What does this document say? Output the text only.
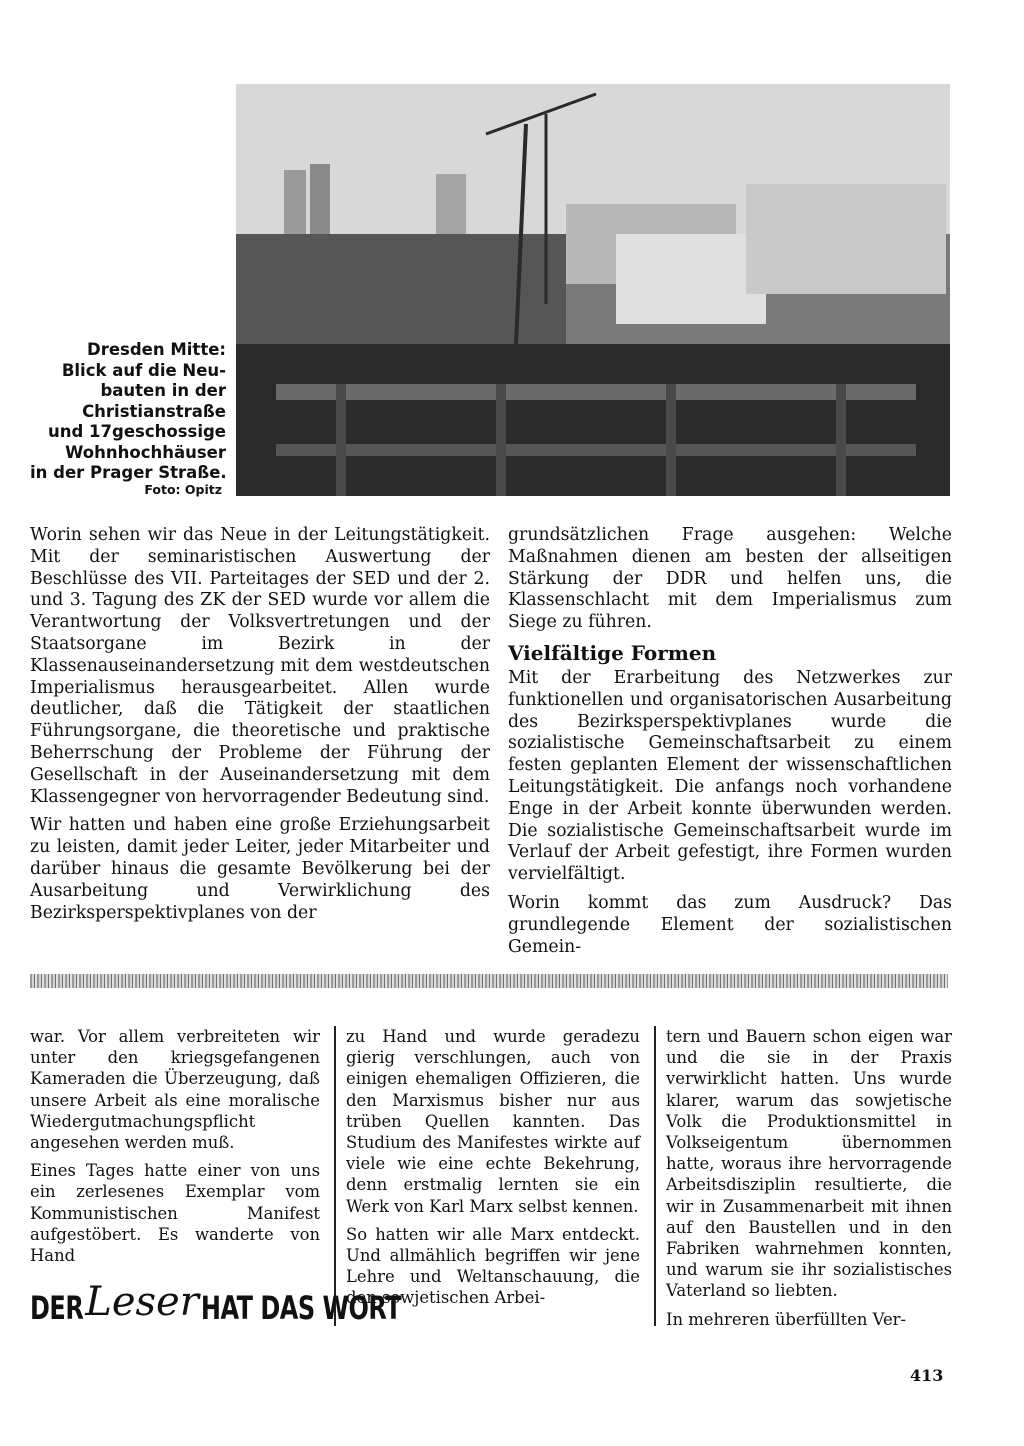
Dresden Mitte:
Blick auf die Neu-
bauten in der
Christianstraße
und 17geschossige
Wohnhochhäuser
in der Prager Straße.
Foto: Opitz

Worin sehen wir das Neue in der Leitungstätigkeit. Mit der seminaristischen Auswertung der Beschlüsse des VII. Parteitages der SED und der 2. und 3. Tagung des ZK der SED wurde vor allem die Verantwortung der Volksvertretungen und der Staatsorgane im Bezirk in der Klassenauseinandersetzung mit dem westdeutschen Imperialismus herausgearbeitet. Allen wurde deutlicher, daß die Tätigkeit der staatlichen Führungsorgane, die theoretische und praktische Beherrschung der Probleme der Führung der Gesellschaft in der Auseinandersetzung mit dem Klassengegner von hervorragender Bedeutung sind.

Wir hatten und haben eine große Erziehungsarbeit zu leisten, damit jeder Leiter, jeder Mitarbeiter und darüber hinaus die gesamte Bevölkerung bei der Ausarbeitung und Verwirklichung des Bezirksperspektivplanes von der

grundsätzlichen Frage ausgehen: Welche Maßnahmen dienen am besten der allseitigen Stärkung der DDR und helfen uns, die Klassenschlacht mit dem Imperialismus zum Siege zu führen.

Vielfältige Formen

Mit der Erarbeitung des Netzwerkes zur funktionellen und organisatorischen Ausarbeitung des Bezirksperspektivplanes wurde die sozialistische Gemeinschaftsarbeit zu einem festen geplanten Element der wissenschaftlichen Leitungstätigkeit. Die anfangs noch vorhandene Enge in der Arbeit konnte überwunden werden. Die sozialistische Gemeinschaftsarbeit wurde im Verlauf der Arbeit gefestigt, ihre Formen wurden vervielfältigt.

Worin kommt das zum Ausdruck? Das grundlegende Element der sozialistischen Gemein-

war. Vor allem verbreiteten wir unter den kriegsgefangenen Kameraden die Überzeugung, daß unsere Arbeit als eine moralische Wiedergutmachungspflicht angesehen werden muß.

Eines Tages hatte einer von uns ein zerlesenes Exemplar vom Kommunistischen Manifest aufgestöbert. Es wanderte von Hand

zu Hand und wurde geradezu gierig verschlungen, auch von einigen ehemaligen Offizieren, die den Marxismus bisher nur aus trüben Quellen kannten. Das Studium des Manifestes wirkte auf viele wie eine echte Bekehrung, denn erstmalig lernten sie ein Werk von Karl Marx selbst kennen.

So hatten wir alle Marx entdeckt. Und allmählich begriffen wir jene Lehre und Weltanschauung, die den sowjetischen Arbei-

tern und Bauern schon eigen war und die sie in der Praxis verwirklicht hatten. Uns wurde klarer, warum das sowjetische Volk die Produktionsmittel in Volkseigentum übernommen hatte, woraus ihre hervorragende Arbeitsdisziplin resultierte, die wir in Zusammenarbeit mit ihnen auf den Baustellen und in den Fabriken wahrnehmen konnten, und warum sie ihr sozialistisches Vaterland so liebten.

In mehreren überfüllten Ver-

DER Leser HAT DAS WORT
413
